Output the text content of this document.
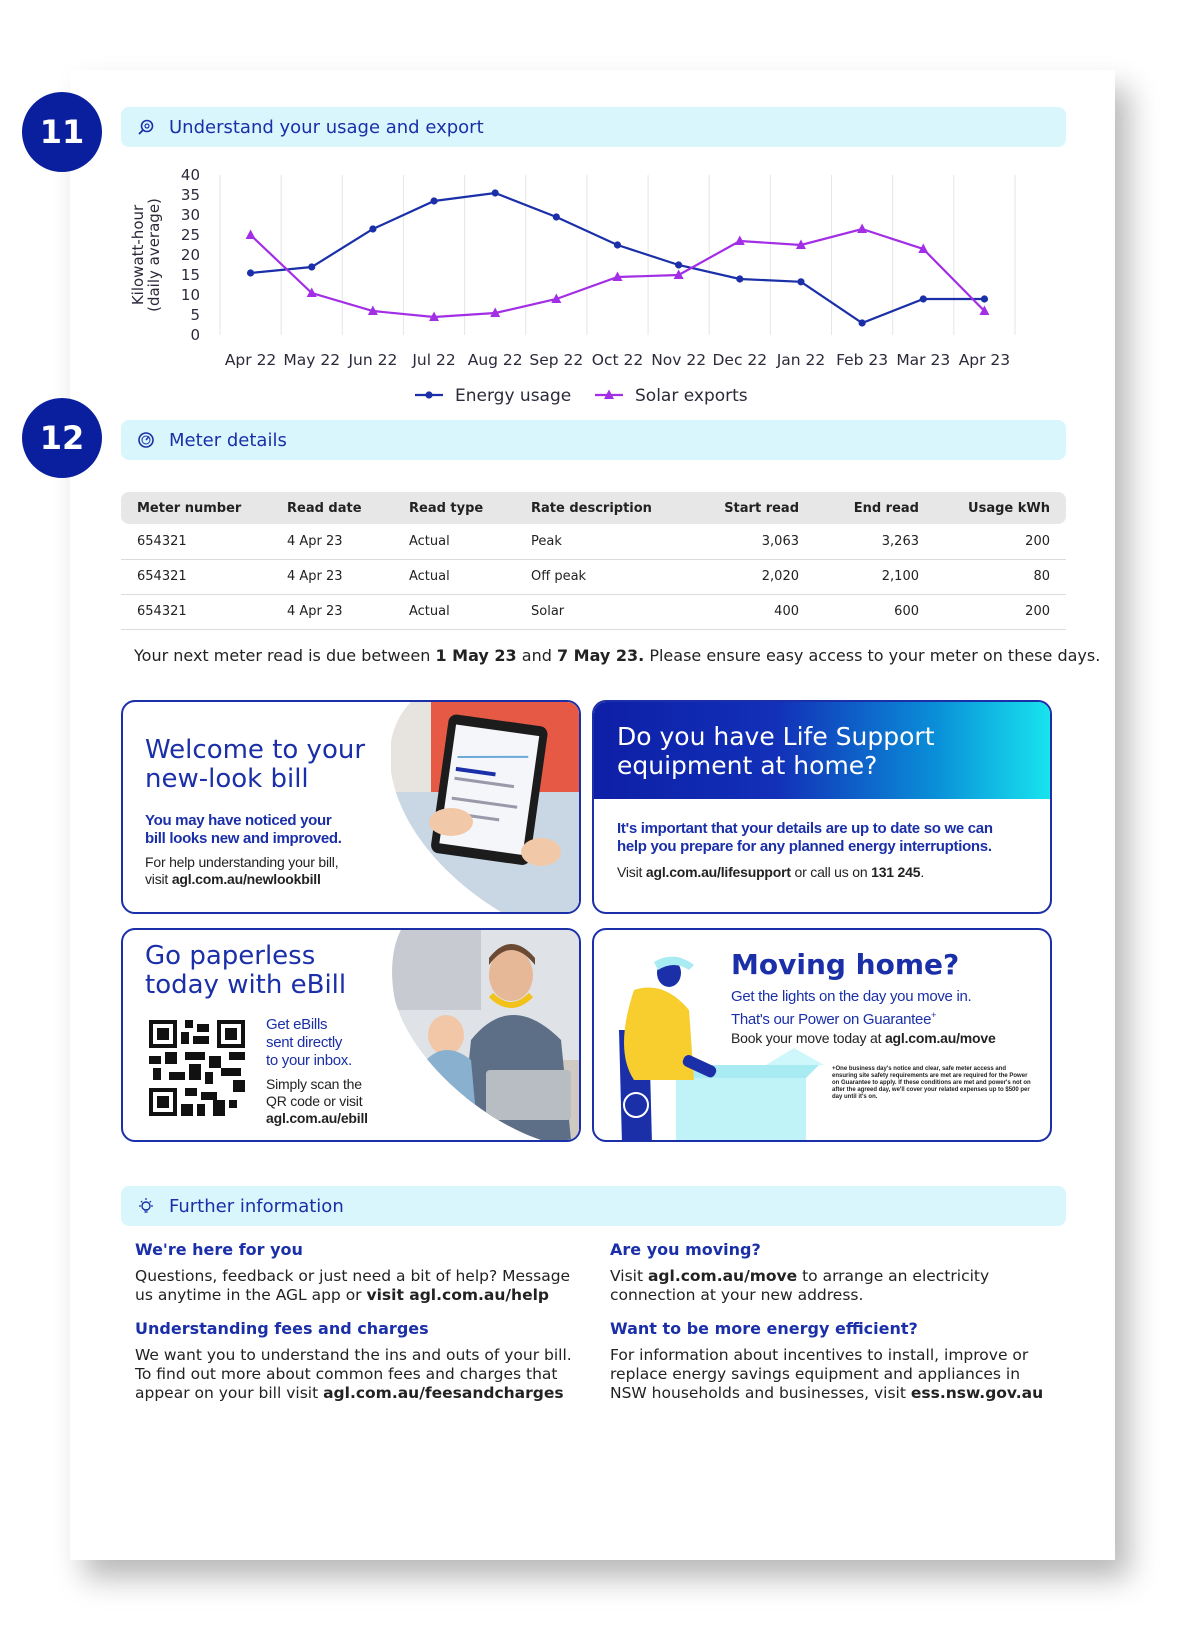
11	Understand your usage and export
0
5
10
15
20
25
30
35
40
Kilowatt-hour
(daily average)
Apr 22 May 22 Jun 22 Jul 22 Aug 22 Sep 22 Oct 22 Nov 22 Dec 22 Jan 22 Feb 23 Mar 23 Apr 23
Energy usage	Solar exports
12	Meter details
Meter number	Read date	Read type	Rate description	Start read	End read	Usage kWh
654321	4 Apr 23	Actual	Peak	3,063	3,263	200
654321	4 Apr 23	Actual	Off peak	2,020	2,100	80
654321	4 Apr 23	Actual	Solar	400	600	200

Your next meter read is due between 1 May 23 and 7 May 23. Please ensure easy access to your meter on these days.

Welcome to your
new-look bill
You may have noticed your
bill looks new and improved.
For help understanding your bill,
visit agl.com.au/newlookbill
Do you have Life Support
equipment at home?
It's important that your details are up to date so we can
help you prepare for any planned energy interruptions.
Visit agl.com.au/lifesupport or call us on 131 245.
Go paperless
today with eBill
Get eBills
sent directly
to your inbox.
Simply scan the
QR code or visit
agl.com.au/ebill
Moving home?
Get the lights on the day you move in.
That's our Power on Guarantee+
Book your move today at agl.com.au/move
+One business day's notice and clear, safe meter access and ensuring site safety requirements are met are required for the Power on Guarantee to apply. If these conditions are met and power's not on after the agreed day, we'll cover your related expenses up to $500 per day until it's on.
Further information
We're here for you

Questions, feedback or just need a bit of help? Message us anytime in the AGL app or visit agl.com.au/help

Understanding fees and charges

We want you to understand the ins and outs of your bill. To find out more about common fees and charges that appear on your bill visit agl.com.au/feesandcharges

Are you moving?

Visit agl.com.au/move to arrange an electricity connection at your new address.

Want to be more energy efficient?

For information about incentives to install, improve or replace energy savings equipment and appliances in NSW households and businesses, visit ess.nsw.gov.au
